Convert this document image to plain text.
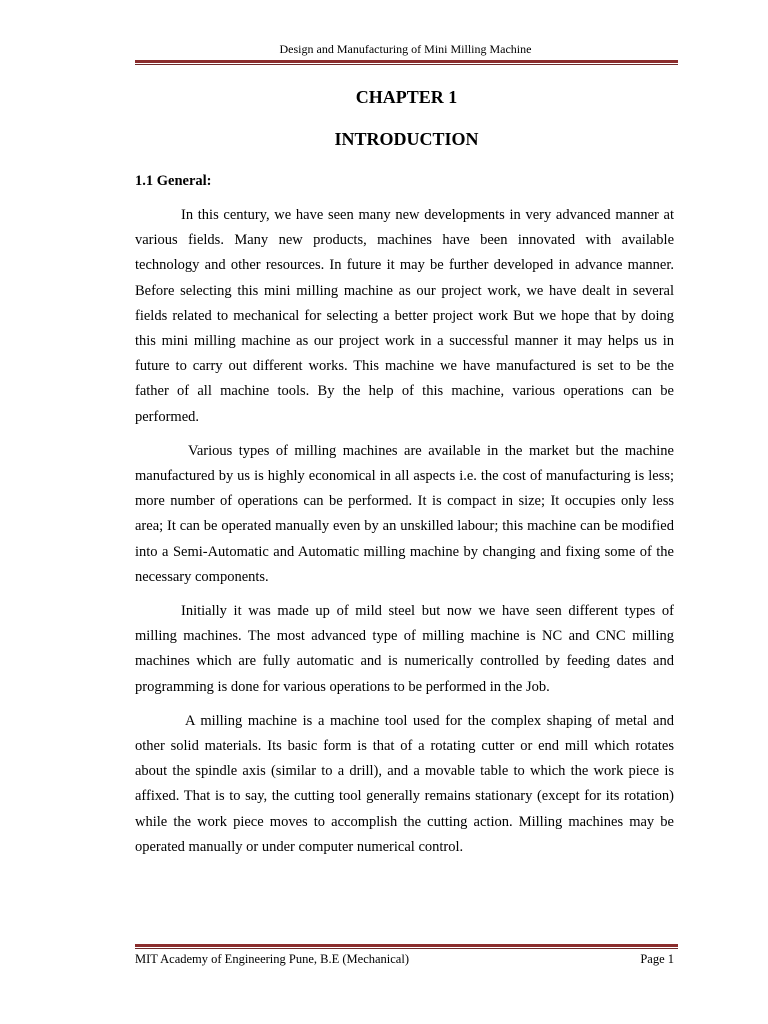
Design and Manufacturing of Mini Milling Machine
CHAPTER 1
INTRODUCTION
1.1 General:

In this century, we have seen many new developments in very advanced manner at various fields. Many new products, machines have been innovated with available technology and other resources. In future it may be further developed in advance manner. Before selecting this mini milling machine as our project work, we have dealt in several fields related to mechanical for selecting a better project work But we hope that by doing this mini milling machine as our project work in a successful manner it may helps us in future to carry out different works. This machine we have manufactured is set to be the father of all machine tools. By the help of this machine, various operations can be performed.

Various types of milling machines are available in the market but the machine manufactured by us is highly economical in all aspects i.e. the cost of manufacturing is less; more number of operations can be performed. It is compact in size; It occupies only less area; It can be operated manually even by an unskilled labour; this machine can be modified into a Semi-Automatic and Automatic milling machine by changing and fixing some of the necessary components.

Initially it was made up of mild steel but now we have seen different types of milling machines. The most advanced type of milling machine is NC and CNC milling machines which are fully automatic and is numerically controlled by feeding dates and programming is done for various operations to be performed in the Job.

A milling machine is a machine tool used for the complex shaping of metal and other solid materials. Its basic form is that of a rotating cutter or end mill which rotates about the spindle axis (similar to a drill), and a movable table to which the work piece is affixed. That is to say, the cutting tool generally remains stationary (except for its rotation) while the work piece moves to accomplish the cutting action. Milling machines may be operated manually or under computer numerical control.

MIT Academy of Engineering Pune, B.E (Mechanical)	Page 1
